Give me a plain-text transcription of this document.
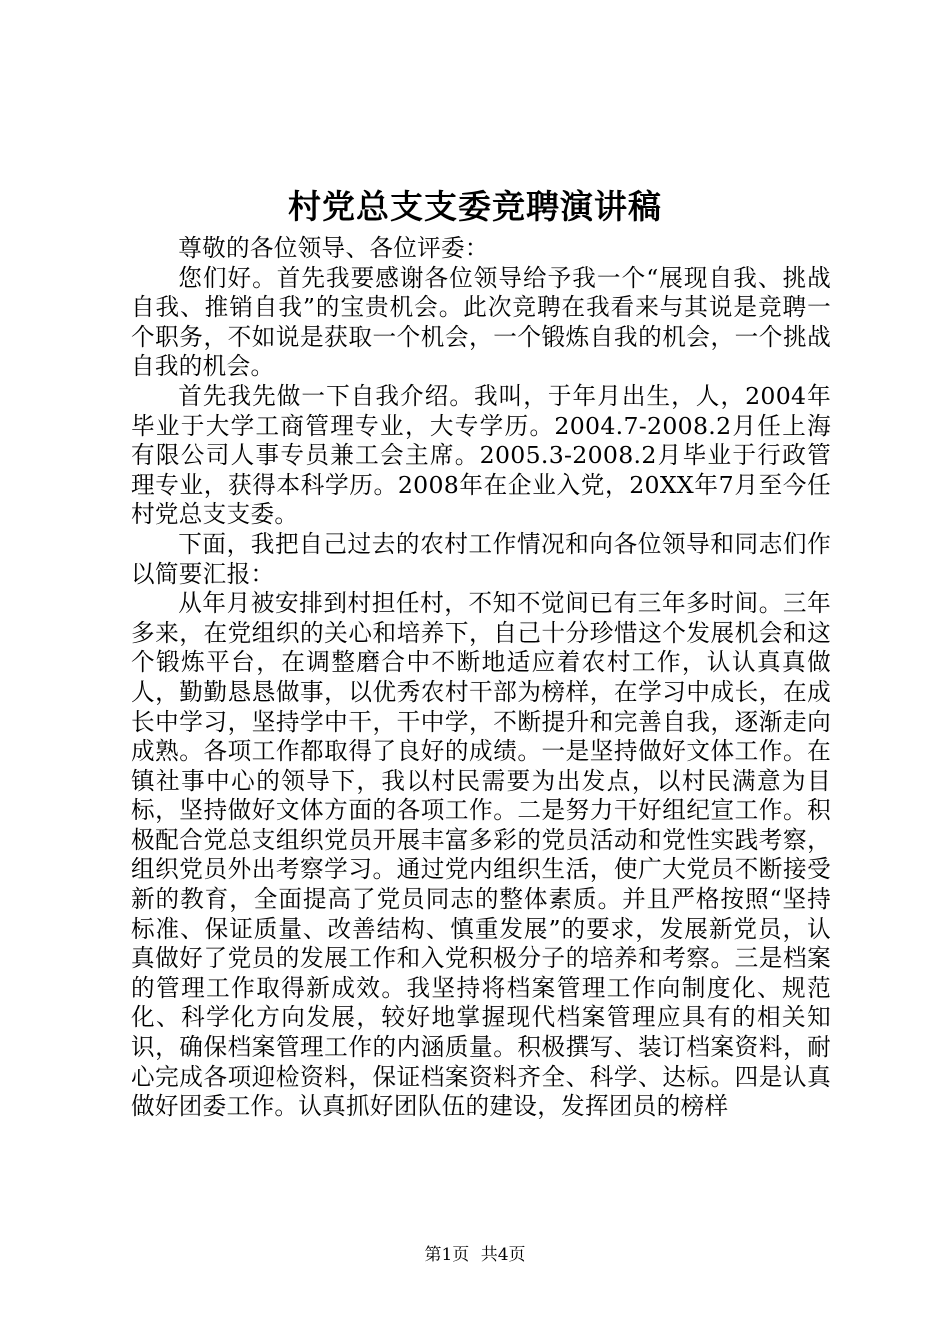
村党总支支委竞聘演讲稿

尊敬的各位领导、各位评委：

您们好。首先我要感谢各位领导给予我一个“展现自我、挑战自我、推销自我”的宝贵机会。此次竞聘在我看来与其说是竞聘一个职务，不如说是获取一个机会，一个锻炼自我的机会，一个挑战自我的机会。

首先我先做一下自我介绍。我叫，于年月出生，人，2004年毕业于大学工商管理专业，大专学历。2004.7-2008.2月任上海有限公司人事专员兼工会主席。2005.3-2008.2月毕业于行政管理专业，获得本科学历。2008年在企业入党，20XX年7月至今任村党总支支委。

下面，我把自己过去的农村工作情况和向各位领导和同志们作以简要汇报：

从年月被安排到村担任村，不知不觉间已有三年多时间。三年多来，在党组织的关心和培养下，自己十分珍惜这个发展机会和这个锻炼平台，在调整磨合中不断地适应着农村工作，认认真真做人，勤勤恳恳做事，以优秀农村干部为榜样，在学习中成长，在成长中学习，坚持学中干，干中学，不断提升和完善自我，逐渐走向成熟。各项工作都取得了良好的成绩。一是坚持做好文体工作。在镇社事中心的领导下，我以村民需要为出发点，以村民满意为目标，坚持做好文体方面的各项工作。二是努力干好组纪宣工作。积极配合党总支组织党员开展丰富多彩的党员活动和党性实践考察，组织党员外出考察学习。通过党内组织生活，使广大党员不断接受新的教育，全面提高了党员同志的整体素质。并且严格按照“坚持标准、保证质量、改善结构、慎重发展”的要求，发展新党员，认真做好了党员的发展工作和入党积极分子的培养和考察。三是档案的管理工作取得新成效。我坚持将档案管理工作向制度化、规范化、科学化方向发展，较好地掌握现代档案管理应具有的相关知识，确保档案管理工作的内涵质量。积极撰写、装订档案资料，耐心完成各项迎检资料，保证档案资料齐全、科学、达标。四是认真做好团委工作。认真抓好团队伍的建设，发挥团员的榜样

第1页 共4页
